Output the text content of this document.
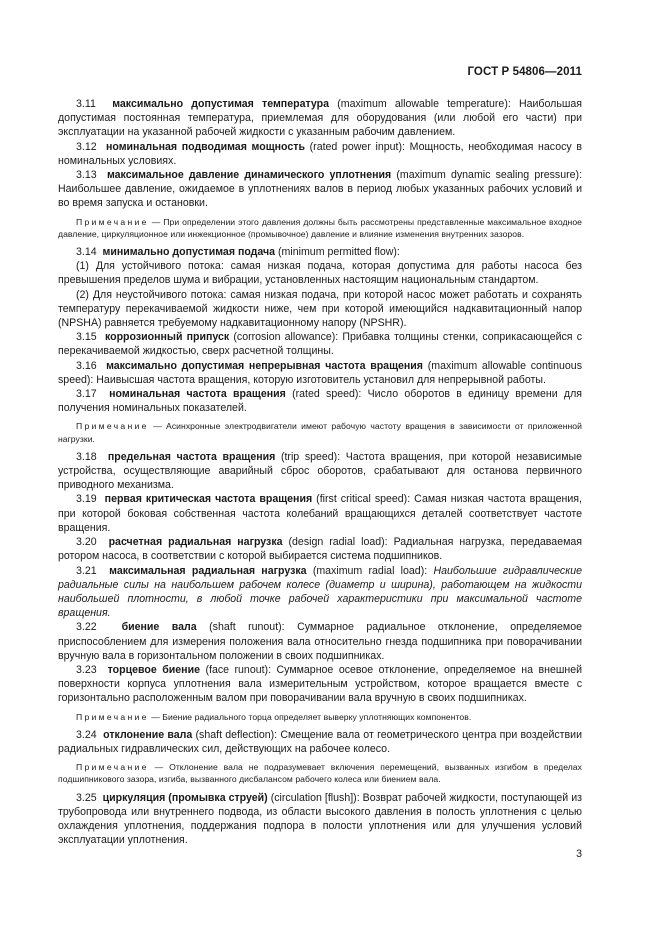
ГОСТ Р 54806—2011

3.11 максимально допустимая температура (maximum allowable temperature): Наибольшая допустимая постоянная температура, приемлемая для оборудования (или любой его части) при эксплуатации на указанной рабочей жидкости с указанным рабочим давлением.

3.12 номинальная подводимая мощность (rated power input): Мощность, необходимая насосу в номинальных условиях.

3.13 максимальное давление динамического уплотнения (maximum dynamic sealing pressure): Наибольшее давление, ожидаемое в уплотнениях валов в период любых указанных рабочих условий и во время запуска и остановки.

Примечание — При определении этого давления должны быть рассмотрены представленные максимальное входное давление, циркуляционное или инжекционное (промывочное) давление и влияние изменения внутренних зазоров.

3.14 минимально допустимая подача (minimum permitted flow):

(1) Для устойчивого потока: самая низкая подача, которая допустима для работы насоса без превышения пределов шума и вибрации, установленных настоящим национальным стандартом.

(2) Для неустойчивого потока: самая низкая подача, при которой насос может работать и сохранять температуру перекачиваемой жидкости ниже, чем при которой имеющийся надкавитационный напор (NPSHA) равняется требуемому надкавитационному напору (NPSHR).

3.15 коррозионный припуск (corrosion allowance): Прибавка толщины стенки, соприкасающейся с перекачиваемой жидкостью, сверх расчетной толщины.

3.16 максимально допустимая непрерывная частота вращения (maximum allowable continuous speed): Наивысшая частота вращения, которую изготовитель установил для непрерывной работы.

3.17 номинальная частота вращения (rated speed): Число оборотов в единицу времени для получения номинальных показателей.

Примечание — Асинхронные электродвигатели имеют рабочую частоту вращения в зависимости от приложенной нагрузки.

3.18 предельная частота вращения (trip speed): Частота вращения, при которой независимые устройства, осуществляющие аварийный сброс оборотов, срабатывают для останова первичного приводного механизма.

3.19 первая критическая частота вращения (first critical speed): Самая низкая частота вращения, при которой боковая собственная частота колебаний вращающихся деталей соответствует частоте вращения.

3.20 расчетная радиальная нагрузка (design radial load): Радиальная нагрузка, передаваемая ротором насоса, в соответствии с которой выбирается система подшипников.

3.21 максимальная радиальная нагрузка (maximum radial load): Наибольшие гидравлические радиальные силы на наибольшем рабочем колесе (диаметр и ширина), работающем на жидкости наибольшей плотности, в любой точке рабочей характеристики при максимальной частоте вращения.

3.22 биение вала (shaft runout): Суммарное радиальное отклонение, определяемое приспособлением для измерения положения вала относительно гнезда подшипника при поворачивании вручную вала в горизонтальном положении в своих подшипниках.

3.23 торцевое биение (face runout): Суммарное осевое отклонение, определяемое на внешней поверхности корпуса уплотнения вала измерительным устройством, которое вращается вместе с горизонтально расположенным валом при поворачивании вала вручную в своих подшипниках.

Примечание — Биение радиального торца определяет выверку уплотняющих компонентов.

3.24 отклонение вала (shaft deflection): Смещение вала от геометрического центра при воздействии радиальных гидравлических сил, действующих на рабочее колесо.

Примечание — Отклонение вала не подразумевает включения перемещений, вызванных изгибом в пределах подшипникового зазора, изгиба, вызванного дисбалансом рабочего колеса или биением вала.

3.25 циркуляция (промывка струей) (circulation [flush]): Возврат рабочей жидкости, поступающей из трубопровода или внутреннего подвода, из области высокого давления в полость уплотнения с целью охлаждения уплотнения, поддержания подпора в полости уплотнения или для улучшения условий эксплуатации уплотнения.

3
